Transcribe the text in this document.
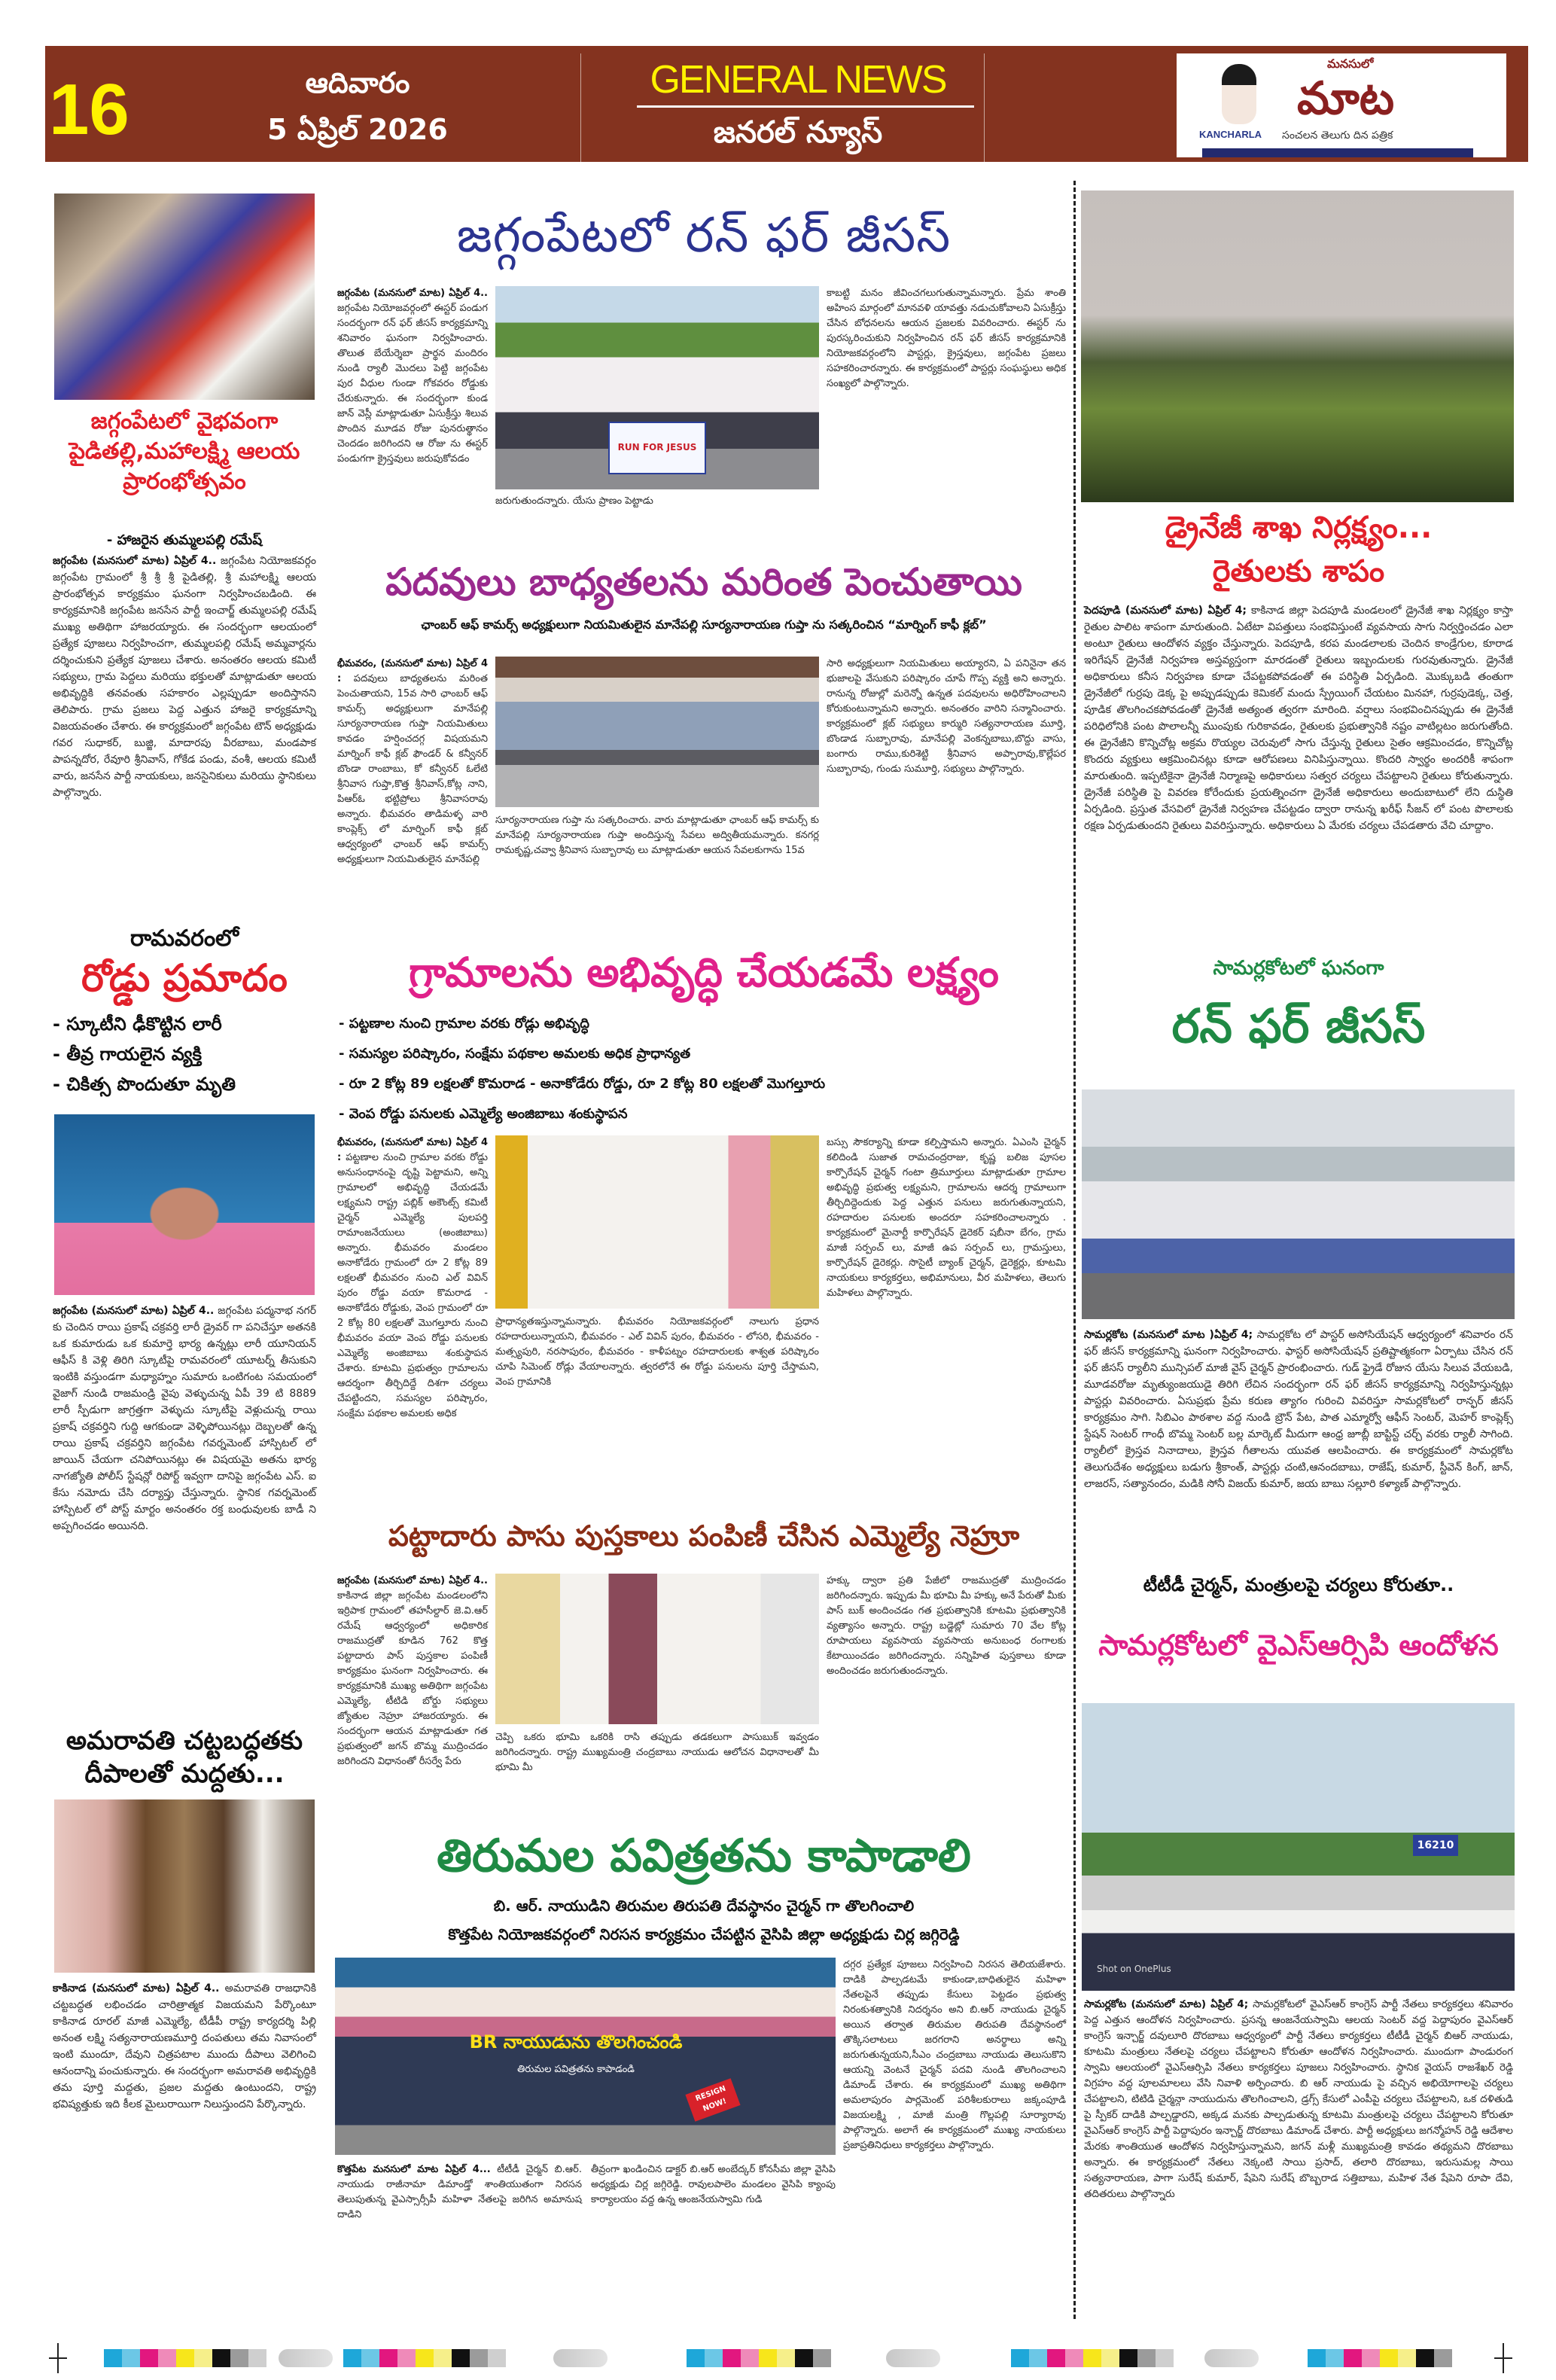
16	ఆదివారం
5 ఏప్రిల్ 2026
GENERAL NEWS
జనరల్ న్యూస్	KANCHARLA
మనసులో
మాట
సంచలన తెలుగు దిన పత్రిక
జగ్గంపేటలో వైభవంగా పైడితల్లి,మహాలక్ష్మి ఆలయ ప్రారంభోత్సవం
- హాజరైన తుమ్మలపల్లి రమేష్
జగ్గంపేట (మనసులో మాట) ఏప్రిల్ 4.. జగ్గంపేట నియోజకవర్గం జగ్గంపేట గ్రామంలో శ్రీ శ్రీ శ్రీ పైడితల్లి, శ్రీ మహాలక్ష్మి ఆలయ ప్రారంభోత్సవ కార్యక్రమం ఘనంగా నిర్వహించబడింది. ఈ కార్యక్రమానికి జగ్గంపేట జనసేన పార్టీ ఇంచార్జ్ తుమ్మలపల్లి రమేష్ ముఖ్య అతిథిగా హాజరయ్యారు. ఈ సందర్భంగా ఆలయంలో ప్రత్యేక పూజలు నిర్వహించగా, తుమ్మలపల్లి రమేష్ అమ్మవార్లను దర్శించుకుని ప్రత్యేక పూజలు చేశారు. అనంతరం ఆలయ కమిటీ సభ్యులు, గ్రామ పెద్దలు మరియు భక్తులతో మాట్లాడుతూ ఆలయ అభివృద్ధికి తనవంతు సహకారం ఎల్లప్పుడూ అందిస్తానని తెలిపారు. గ్రామ ప్రజలు పెద్ద ఎత్తున హాజరై కార్యక్రమాన్ని విజయవంతం చేశారు. ఈ కార్యక్రమంలో జగ్గంపేట టౌన్ అధ్యక్షుడు గవర సుధాకర్, బుజ్జి, మాదారపు వీరబాబు, మండపాక పాపన్నదోర, రేవూరి శ్రీనివాస్, గోకేడ పండు, వంశీ, ఆలయ కమిటీ వారు, జనసేన పార్టీ నాయకులు, జనసైనికులు మరియు స్థానికులు పాల్గొన్నారు.
రామవరంలో
రోడ్డు ప్రమాదం
- స్కూటీని ఢీకొట్టిన లారీ
- తీవ్ర గాయలైన వ్యక్తి
- చికిత్స పొందుతూ మృతి
జగ్గంపేట (మనసులో మాట) ఏప్రిల్ 4.. జగ్గంపేట పద్మనాభ నగర్ కు చెందిన రాయి ప్రకాష్ చక్రవర్తి లారీ డ్రైవర్ గా పనిచేస్తూ అతనకి ఒక కుమారుడు ఒక కుమార్తె భార్య ఉన్నట్లు లారీ యూనియన్ ఆఫీస్ కి వెళ్లి తిరిగి స్కూటీపై రామవరంలో యూటర్న్ తీసుకుని ఇంటికి వస్తుండగా మధ్యాహ్నం సుమారు ఒంటిగంట సమయంలో వైజాగ్ నుండి రాజమండ్రి వైపు వెళ్ళుచున్న ఏపీ 39 టి 8889 లారీ స్పీడుగా జాగ్రత్తగా వెళ్ళుచు స్కూటీపై వెళ్లుచున్న రాయి ప్రకాష్ చక్రవర్తిని గుద్ది ఆగకుండా వెళ్ళిపోయినట్లు దెబ్బలతో ఉన్న రాయి ప్రకాష్ చక్రవర్తిని జగ్గంపేట గవర్నమెంట్ హాస్పిటల్ లో జాయిన్ చేయగా చనిపోయినట్లు ఈ విషయమై అతను భార్య నాగజ్యోతి పోలీస్ స్టేషన్లో రిపోర్ట్ ఇవ్వగా దానిపై జగ్గంపేట ఎస్. ఐ కేసు నమోదు చేసి దర్యాప్తు చేస్తున్నారు. స్థానిక గవర్నమెంట్ హాస్పిటల్ లో పోస్ట్ మార్టం అనంతరం రక్త బంధువులకు బాడీ ని అప్పగించడం అయినది.
అమరావతి చట్టబద్ధతకు దీపాలతో మద్దతు...
కాకినాడ (మనసులో మాట) ఏప్రిల్ 4.. అమరావతి రాజధానికి చట్టబద్ధత లభించడం చారిత్రాత్మక విజయమని పేర్కొంటూ కాకినాడ రూరల్ మాజీ ఎమ్మెల్యే, టీడీపీ రాష్ట్ర కార్యదర్శి పిల్లి అనంత లక్ష్మి సత్యనారాయణమూర్తి దంపతులు తమ నివాసంలో ఇంటి ముందూ, దేవుని చిత్రపటాల ముందు దీపాలు వెలిగించి ఆనందాన్ని పంచుకున్నారు. ఈ సందర్భంగా అమరావతి అభివృద్ధికి తమ పూర్తి మద్దతు, ప్రజల మద్దతు ఉంటుందని, రాష్ట్ర భవిష్యత్తుకు ఇది కీలక మైలురాయిగా నిలుస్తుందని పేర్కొన్నారు.
జగ్గంపేటలో రన్ ఫర్ జీసస్
జగ్గంపేట (మనసులో మాట) ఏప్రిల్ 4.. జగ్గంపేట నియోజవర్గంలో ఈస్టర్ పండుగ సందర్భంగా రన్ ఫర్ జీసస్ కార్యక్రమాన్ని శనివారం ఘనంగా నిర్వహించారు. తొలుత బేయేర్శెబా ప్రార్థన మందిరం నుండి ర్యాలీ మొదలు పెట్టి జగ్గంపేట పుర వీధుల గుండా గోకవరం రోడ్డుకు చేరుకున్నారు. ఈ సందర్భంగా కుండ జాన్ వెస్లీ మాట్లాడుతూ ఏసుక్రీస్తు శిలువ పొందిన మూడవ రోజు పునరుత్థానం చెందడం జరిగిందని ఆ రోజు ను ఈస్టర్ పండుగగా క్రైస్తవులు జరుపుకోవడం
RUN FOR JESUS
జరుగుతుందన్నారు. యేసు ప్రాణం పెట్టాడు
కాబట్టి మనం జీవించగలుగుతున్నామన్నారు. ప్రేమ శాంతి అహింస మార్గంలో మానవళి యావత్తు నడుచుకోవాలని ఏసుక్రీస్తు చేసిన బోధనలను ఆయన ప్రజలకు వివరించారు. ఈస్టర్ ను పురస్కరించుకుని నిర్వహించిన రన్ ఫర్ జీసస్ కార్యక్రమానికి నియోజకవర్గంలోని పాస్టర్లు, క్రైస్తవులు, జగ్గంపేట ప్రజలు సహకరించారన్నారు. ఈ కార్యక్రమంలో పాస్టర్లు సంఘస్థులు అధిక సంఖ్యలో పాల్గొన్నారు.
పదవులు బాధ్యతలను మరింత పెంచుతాయి
ఛాంబర్ ఆఫ్ కామర్స్ అధ్యక్షులుగా నియమితులైన మానేపల్లి సూర్యనారాయణ గుప్తా ను సత్కరించిన “మార్నింగ్ కాఫీ క్లబ్”
భీమవరం, (మనసులో మాట) ఏప్రిల్ 4 : పదవులు బాధ్యతలను మరింత పెంచుతాయని, 15వ సారి ఛాంబర్ ఆఫ్ కామర్స్ అధ్యక్షులుగా మానేపల్లి సూర్యనారాయణ గుప్తా నియమితులు కావడం హర్షించదగ్గ విషయమని మార్నింగ్ కాఫీ క్లబ్ ఫౌండర్ & కన్వీనర్ బొండా రాంబాబు, కో కన్వీనర్ ఓలేటి శ్రీనివాస గుప్తా,కొత్త శ్రీనివాస్,కోట్ల నాని, పిఆర్ఓ భట్టిప్రోలు శ్రీనివాసరావు అన్నారు. భీమవరం తాడిమళ్ళ వారి కాంప్లెక్స్ లో మార్నింగ్ కాఫీ క్లబ్ ఆధ్వర్యంలో ఛాంబర్ ఆఫ్ కామర్స్ అధ్యక్షులుగా నియమితులైన మానేపల్లి
సూర్యనారాయణ గుప్తా ను సత్కరించారు. వారు మాట్లాడుతూ ఛాంబర్ ఆఫ్ కామర్స్ కు మానేపల్లి సూర్యనారాయణ గుప్తా అందిస్తున్న సేవలు అద్వితీయమన్నారు. కనగర్ల రామకృష్ణ,చవ్వా శ్రీనివాస సుబ్బారావు లు మాట్లాడుతూ ఆయన సేవలకుగాను 15వ
సారి అధ్యక్షులుగా నియమితులు అయ్యారని, ఏ పనినైనా తన భుజాలపై వేసుకుని పరిష్కారం చూపే గొప్ప వ్యక్తి అని అన్నారు. రానున్న రోజుల్లో మరెన్నో ఉన్నత పదవులను అధిరోహించాలని కోరుకుంటున్నామని అన్నారు. అనంతరం వారిని సన్మానించారు. కార్యక్రమంలో క్లబ్ సభ్యులు కార్మురి సత్యనారాయణ మూర్తి, బొండాడ సుబ్బారావు, మానేపల్లి వెంకన్నబాబు,బొద్దు వాసు, బంగారు రాము,కురిశెట్టి శ్రీనివాస అప్పారావు,కొల్లేపర సుబ్బారావు, గుండు సుమూర్తి, సభ్యులు పాల్గొన్నారు.
గ్రామాలను అభివృద్ధి చేయడమే లక్ష్యం
- పట్టణాల నుంచి గ్రామాల వరకు రోడ్లు అభివృద్ధి
- సమస్యల పరిష్కారం, సంక్షేమ పథకాల అమలకు అధిక ప్రాధాన్యత
- రూ 2 కోట్ల 89 లక్షలతో కొమరాడ - అనాకోడేరు రోడ్డు, రూ 2 కోట్ల 80 లక్షలతో మొగల్తూరు
- వెంప రోడ్డు పనులకు ఎమ్మెల్యే అంజిబాబు శంకుస్థాపన
భీమవరం, (మనసులో మాట) ఏప్రిల్ 4 : పట్టణాల నుంచి గ్రామాల వరకు రోడ్డు అనుసంధానంపై దృష్టి పెట్టామని, అన్ని గ్రామాలలో అభివృద్ధి చేయడమే లక్ష్యమని రాష్ట్ర పబ్లిక్ అకౌంట్స్ కమిటీ చైర్మన్ ఎమ్మెల్యే పులపర్తి రామాంజనేయులు (అంజిబాబు) అన్నారు. భీమవరం మండలం అనాకోడేరు గ్రామంలో రూ 2 కోట్ల 89 లక్షలతో భీమవరం నుంచి ఎల్ వివిన్ పురం రోడ్డు వయా కొమరాడ - అనాకోడేరు రోడ్డుకు, వెంప గ్రామంలో రూ 2 కోట్ల 80 లక్షలతో మొగల్తూరు నుంచి భీమవరం వయా వెంప రోడ్డు పనులకు ఎమ్మెల్యే అంజిబాబు శంకుస్థాపన చేశారు. కూటమి ప్రభుత్వం గ్రామాలను ఆదర్శంగా తీర్చిదిద్దే దిశగా చర్యలు చేపట్టిందని, సమస్యల పరిష్కారం, సంక్షేమ పథకాల అమలకు అధిక
ప్రాధాన్యతఇస్తున్నామన్నారు. భీమవరం నియోజకవర్గంలో నాలుగు ప్రధాన రహదారులున్నాయని, భీమవరం - ఎల్ వివిన్ పురం, భీమవరం - లోసరి, భీమవరం - మత్స్యపురి, నరసాపురం, భీమవరం - కాళీపట్నం రహదారులకు శాశ్వత పరిష్కారం చూపి సిమెంట్ రోడ్లు వేయాలన్నారు. త్వరలోనే ఈ రోడ్డు పనులను పూర్తి చేస్తామని, వెంప గ్రామానికి
బస్సు సౌకర్యాన్ని కూడా కల్పిస్తామని అన్నారు. ఏఎంసి చైర్మన్ కలిదిండి సుజాత రామచంద్రరాజు, కృష్ణ బలిజ పూసల కార్పొరేషన్ చైర్మన్ గంటా త్రిమూర్తులు మాట్లాడుతూ గ్రామాల అభివృద్ధి ప్రభుత్వ లక్ష్యమని, గ్రామాలను ఆదర్శ గ్రామాలుగా తీర్చిదిద్దెందుకు పెద్ద ఎత్తున పనులు జరుగుతున్నాయని, రహదారుల పనులకు అందరూ సహకరించాలన్నారు . కార్యక్రమంలో మైనార్టీ కార్పొరేషన్ డైరెకర్ షబీనా బేగం, గ్రామ మాజీ సర్పంచ్ లు, మాజీ ఉప సర్పంచ్ లు, గ్రామస్తులు, కార్పొరేషన్ డైరెకర్లు. సొసైటీ బ్యాంక్ చైర్మన్, డైరెక్టర్లు, కూటమి నాయకులు కార్యకర్తలు, అభిమానులు, వీర మహిళలు, తెలుగు మహిళలు పాల్గొన్నారు.
పట్టాదారు పాసు పుస్తకాలు పంపిణీ చేసిన ఎమ్మెల్యే నెహ్రూ
జగ్గంపేట (మనసులో మాట) ఏప్రిల్ 4.. కాకినాడ జిల్లా జగ్గంపేట మండలంలోని ఇర్రిపాక గ్రామంలో తహసీల్దార్ జె.వి.ఆర్ రమేష్ ఆధ్వర్యంలో అధికారిక రాజముద్రతో కూడిన 762 కొత్త పట్టాదారు పాస్ పుస్తకాల పంపిణీ కార్యక్రమం ఘనంగా నిర్వహించారు. ఈ కార్యక్రమానికి ముఖ్య అతిథిగా జగ్గంపేట ఎమ్మెల్యే, టీటిడి బోర్డు సభ్యులు జ్యోతుల నెహ్రూ హాజరయ్యారు. ఈ సందర్భంగా ఆయన మాట్లాడుతూ గత ప్రభుత్వంలో జగన్ బొమ్మ ముద్రించడం జరిగిందని విధానంతో రీసర్వే పేరు
చెప్పి ఒకరు భూమి ఒకరికి రాసి తప్పుడు తడకలుగా పాసుబుక్ ఇవ్వడం జరిగిందన్నారు. రాష్ట్ర ముఖ్యమంత్రి చంద్రబాబు నాయుడు ఆలోచన విధానాలతో మీ భూమి మీ
హక్కు ద్వారా ప్రతి పేజీలో రాజముద్రతో ముద్రించడం జరిగిందన్నారు. ఇప్పుడు మీ భూమి మీ హక్కు అనే పేరుతో మీకు పాస్ బుక్ అందించడం గత ప్రభుత్వానికి కూటమి ప్రభుత్వానికి వ్యత్యాసం అన్నారు. రాష్ట్ర బడ్జెట్లో సుమారు 70 వేల కోట్ల రూపాయలు వ్యవసాయ వ్యవసాయ అనుబంధ రంగాలకు కేటాయించడం జరిగిందన్నారు. సన్నిహిత పుస్తకాలు కూడా అందించడం జరుగుతుందన్నారు.
తిరుమల పవిత్రతను కాపాడాలి
బి. ఆర్. నాయుడిని తిరుమల తిరుపతి దేవస్థానం చైర్మన్ గా తొలగించాలి
కొత్తపేట నియోజకవర్గంలో నిరసన కార్యక్రమం చేపట్టిన వైసిపి జిల్లా అధ్యక్షుడు చిర్ల జగ్గిరెడ్డి
BR నాయుడును తొలగించండి
తిరుమల పవిత్రతను కాపాడండి
RESIGN NOW!
కొత్తపేట మనసులో మాట ఏప్రిల్ 4... టీటీడీ చైర్మన్ బి.ఆర్. నాయుడు రాజీనామా డిమాండ్తో శాంతియుతంగా నిరసన తెలుపుతున్న వైఎస్సార్సీపీ మహిళా నేతలపై జరిగిన అమానుష దాడిని
తీవ్రంగా ఖండించిన డాక్టర్ బి.ఆర్ అంబేద్కర్ కోనసీమ జిల్లా వైసిపి అధ్యక్షుడు చిర్ల జగ్గిరెడ్డి. రావులపాలెం మండలం వైసిపి క్యాంపు కార్యాలయం వద్ద ఉన్న ఆంజనేయస్వామి గుడి
దగ్గర ప్రత్యేక పూజలు నిర్వహించి నిరసన తెలియజేశారు. దాడికి పాల్పడటమే కాకుండా,బాధితులైన మహిళా నేతలపైనే తప్పుడు కేసులు పెట్టడం ప్రభుత్వ నిరంకుశత్వానికి నిదర్శనం అని బి.ఆర్ నాయుడు చైర్మన్ అయిన తర్వాత తిరుమల తిరుపతి దేవస్థానంలో తొక్కిసలాటలు జరగరాని అనర్థాలు అన్ని జరుగుతున్నయని,సీఎం చంద్రబాబు నాయుడు తెలుసుకొని ఆయన్ని వెంటనే చైర్మన్ పదవి నుండి తొలగించాలని డిమాండ్ చేశారు. ఈ కార్యక్రమంలో ముఖ్య అతిథిగా అమలాపురం పార్లమెంట్ పరిశీలకురాలు జక్కంపూడి విజయలక్ష్మి , మాజీ మంత్రి గొల్లపల్లి సూర్యారావు పాల్గొన్నారు. అలాగే ఈ కార్యక్రమంలో ముఖ్య నాయకులు ప్రజాప్రతినిధులు కార్యకర్తలు పాల్గొన్నారు.
డ్రైనేజీ శాఖ నిర్లక్ష్యం...
రైతులకు శాపం
పెదపూడి (మనసులో మాట) ఏప్రిల్ 4; కాకినాడ జిల్లా పెదపూడి మండలంలో డ్రైనేజీ శాఖ నిర్లక్ష్యం కాస్తా రైతుల పాలిట శాపంగా మారుతుంది. ఏటేటా విపత్తులు సంభవిస్తుంటే వ్యవసాయ సాగు నిర్వర్తించడం ఎలా అంటూ రైతులు ఆందోళన వ్యక్తం చేస్తున్నారు. పెదపూడి, కరప మండలాలకు చెందిన కాండ్రేగుల, కూరాడ ఇరిగేషన్ డ్రైనేజీ నిర్వహణ అస్తవ్యస్తంగా మారడంతో రైతులు ఇబ్బందులకు గురవుతున్నారు. డ్రైనేజీ అధికారులు కనీస నిర్వహణ కూడా చేపట్టకపోవడంతో ఈ పరిస్థితి ఏర్పడింది. మొక్కుబడి తంతుగా డ్రైనేజీలో గుర్రపు డెక్క పై అప్పుడప్పుడు కెమికల్ మందు స్ప్రేయింగ్ చేయటం మినహా, గుర్రపుడెక్క, చెత్త, పూడిక తొలగించకపోవడంతో డ్రైనేజీ అత్యంత త్వరగా మారింది. వర్షాలు సంభవించినప్పుడు ఈ డ్రైనేజీ పరిధిలోనికి పంట పొలాలన్నీ ముంపుకు గురికావడం, రైతులకు ప్రభుత్వానికి నష్టం వాటిల్లటం జరుగుతోంది. ఈ డ్రైనేజీని కొన్నిచోట్ల అక్రమ రొయ్యల చెరువులో సాగు చేస్తున్న రైతులు సైతం ఆక్రమించడం, కొన్నిచోట్ల కొందరు వ్యక్తులు ఆక్రమించినట్లు కూడా ఆరోపణలు వినిపిస్తున్నాయి. కొందరి స్వార్థం అందరికీ శాపంగా మారుతుంది. ఇప్పటికైనా డ్రైనేజీ నిర్మాణపై అధికారులు సత్వర చర్యలు చేపట్టాలని రైతులు కోరుతున్నారు. డ్రైనేజీ పరిస్థితి పై వివరణ కోరేందుకు ప్రయత్నించగా డ్రైనేజీ అధికారులు అందుబాటులో లేని దుస్థితి ఏర్పడింది. ప్రస్తుత వేసవిలో డ్రైనేజీ నిర్వహణ చేపట్టడం ద్వారా రానున్న ఖరీఫ్ సీజన్ లో పంట పొలాలకు రక్షణ ఏర్పడుతుందని రైతులు వివరిస్తున్నారు. అధికారులు ఏ మేరకు చర్యలు చేపడతారు వేచి చూద్దాం.
సామర్లకోటలో ఘనంగా
రన్ ఫర్ జీసస్
సామర్లకోట (మనసులో మాట )ఏప్రిల్ 4; సామర్లకోట లో పాస్టర్ అసోసియేషన్ ఆధ్వర్యంలో శనివారం రన్ ఫర్ జీసస్ కార్యక్రమాన్ని ఘనంగా నిర్వహించారు. ఫాస్టర్ అసోసియేషన్ ప్రతిష్టాత్మకంగా ఏర్పాటు చేసిన రన్ ఫర్ జీసస్ ర్యాలీని మున్సిపల్ మాజీ వైస్ చైర్మన్ ప్రారంభించారు. గుడ్ ఫ్రైడే రోజున యేసు సిలువ వేయబడి, మూడవరోజు మృత్యుంజయుడై తిరిగి లేచిన సందర్భంగా రన్ ఫర్ జీసస్ కార్యక్రమాన్ని నిర్వహిస్తున్నట్లు పాస్టర్లు వివరించారు. ఏసుప్రభు ప్రేమ కరుణ త్యాగం గురించి వివరిస్తూ సామర్లకోటలో రాన్ఫర్ జీసస్ కార్యక్రమం సాగి. సిబిఎం పాఠశాల వద్ద నుండి బ్రౌన్ పేట, పాత ఎమ్మార్వో ఆఫీస్ సెంటర్, మెహర్ కాంప్లెక్స్ స్టేషన్ సెంటర్ గాంధీ బొమ్మ సెంటర్ బల్ల మార్కెట్ మీదుగా ఆంధ్ర జూబ్లీ బాప్టిస్ట్ చర్చ్ వరకు ర్యాలీ సాగింది. ర్యాలీలో క్రైస్తవ నినాదాలు, క్రైస్తవ గీతాలను యువత ఆలపించారు. ఈ కార్యక్రమంలో సామర్లకోట తెలుగుదేశం అధ్యక్షులు బడుగు శ్రీకాంత్, పాస్టర్లు చంటి,ఆనందబాబు, రాజేష్, కుమార్, స్టీవెన్ కింగ్, జాన్, లాజరస్, సత్యానందం, మడికి సోనీ విజయ్ కుమార్, జయ బాబు సల్లూరి కళ్యాణ్ పాల్గొన్నారు.
టీటీడీ చైర్మన్, మంత్రులపై చర్యలు కోరుతూ..
సామర్లకోటలో వైఎస్ఆర్సిపి ఆందోళన
16210
Shot on OnePlus
సామర్లకోట (మనసులో మాట) ఏప్రిల్ 4; సామర్లకోటలో వైఎస్ఆర్ కాంగ్రెస్ పార్టీ నేతలు కార్యకర్తలు శనివారం పెద్ద ఎత్తున ఆందోళన నిర్వహించారు. ప్రసన్న ఆంజనేయస్వామి ఆలయ సెంటర్ వద్ద పెద్దాపురం వైఎస్ఆర్ కాంగ్రెస్ ఇన్చార్జ్ దవులూరి దొరబాబు ఆధ్వర్యంలో పార్టీ నేతలు కార్యకర్తలు టీటీడీ చైర్మన్ బిఆర్ నాయుడు, కూటమి మంత్రులు నేతలపై చర్యలు చేపట్టాలని కోరుతూ ఆందోళన నిర్వహించారు. ముందుగా పాండురంగ స్వామి ఆలయంలో వైఎస్ఆర్సిపి నేతలు కార్యకర్తలు పూజలు నిర్వహించారు. స్థానిక వైయస్ రాజశేఖర్ రెడ్డి విగ్రహం వద్ద పూలమాలలు వేసి నివాళి అర్పించారు. బి ఆర్ నాయుడు పై వచ్చిన అభియోగాలపై చర్యలు చేపట్టాలని, టిటిడి చైర్మన్గా నాయుదును తొలగించాలని, డ్రగ్స్ కేసులో ఎంపీపై చర్యలు చేపట్టాలని, ఒక దళితుడి పై స్పీకర్ దాడికి పాల్పడ్డారని, అక్కడ మనకు పాల్పడుతున్న కూటమి మంత్రులపై చర్యలు చేపట్టాలని కోరుతూ వైఎస్ఆర్ కాంగ్రెస్ పార్టీ పెద్దాపురం ఇన్చార్జ్ దొరబాబు డిమాండ్ చేశారు. పార్టీ అధ్యక్షులు జగన్మోహన్ రెడ్డి ఆదేశాల మేరకు శాంతియుత ఆందోళన నిర్వహిస్తున్నామని, జగన్ మళ్లీ ముఖ్యమంత్రి కావడం తథ్యమని దొరబాబు అన్నారు. ఈ కార్యక్రమంలో నేతలు నెక్కంటి సాయి ప్రసాద్, తలారి దొరబాబు, ఇరుసుమల్ల సాయి సత్యనారాయణ, పాగా సురేష్ కుమార్, షేపెని సురేష్ బొబ్బరాడ సత్తిబాబు, మహిళ నేత షేపెని రూపా దేవి, తదితరులు పాల్గొన్నారు
